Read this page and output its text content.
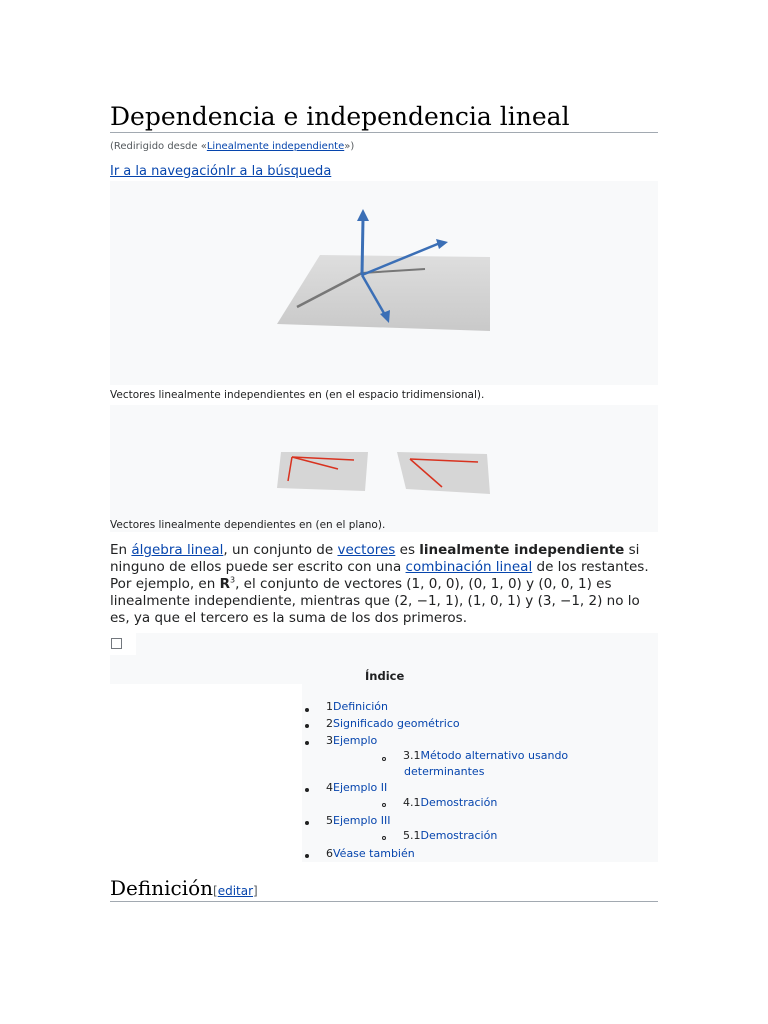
Dependencia e independencia lineal
(Redirigido desde «Linealmente independiente»)
Ir a la navegaciónIr a la búsqueda
Vectores linealmente independientes en (en el espacio tridimensional).
Vectores linealmente dependientes en (en el plano).
En álgebra lineal, un conjunto de vectores es linealmente independiente si ninguno de ellos puede ser escrito con una combinación lineal de los restantes. Por ejemplo, en $R^3$, el conjunto de vectores (1, 0, 0), (0, 1, 0) y (0, 0, 1) es linealmente independiente, mientras que (2, −1, 1), (1, 0, 1) y (3, −1, 2) no lo es, ya que el tercero es la suma de los dos primeros.
Índice
1Definición
2Significado geométrico
3Ejemplo
3.1Método alternativo usando
determinantes
4Ejemplo II
4.1Demostración
5Ejemplo III
5.1Demostración
6Véase también
Definición[editar]
